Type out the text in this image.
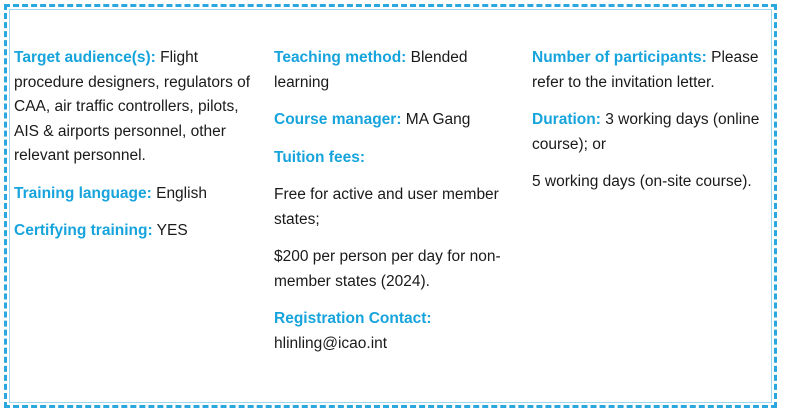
Target audience(s): Flight procedure designers, regulators of CAA, air traffic controllers, pilots, AIS & airports personnel, other relevant personnel.

Training language: English

Certifying training: YES

Teaching method: Blended learning

Course manager: MA Gang

Tuition fees:

Free for active and user member states;

$200 per person per day for non-member states (2024).

Registration Contact:
hlinling@icao.int

Number of participants: Please refer to the invitation letter.

Duration: 3 working days (online course); or

5 working days (on-site course).
